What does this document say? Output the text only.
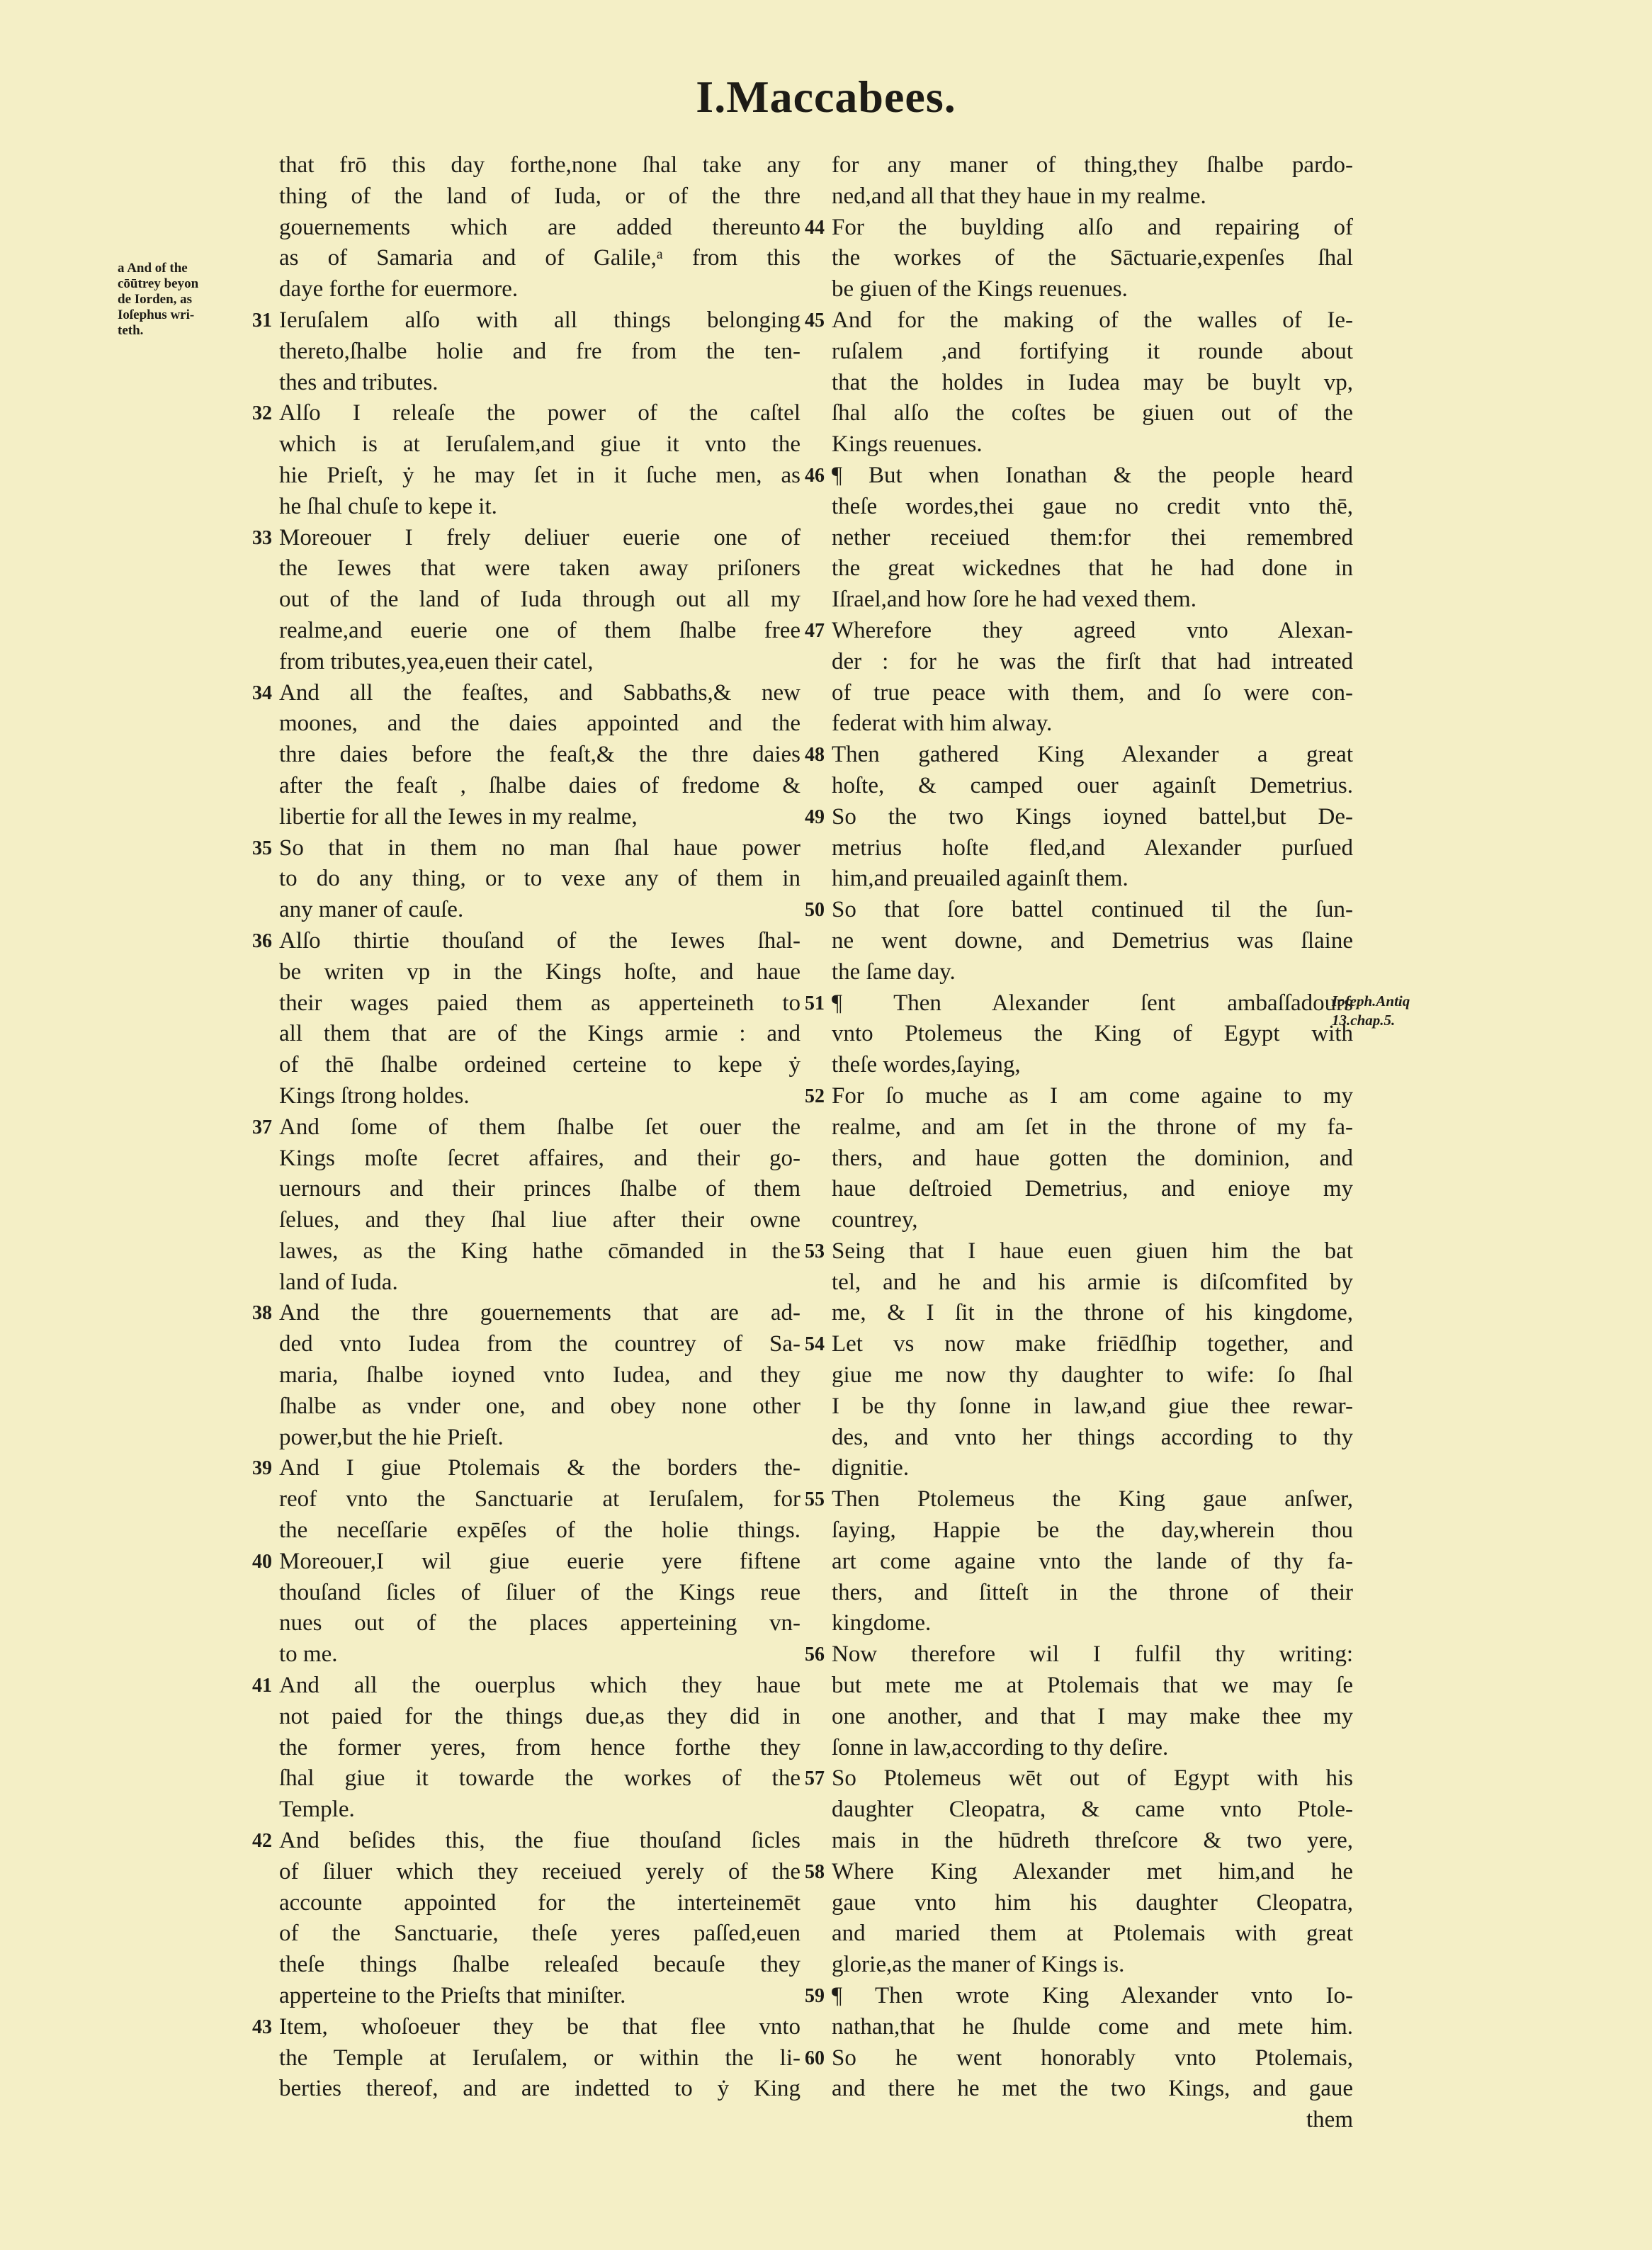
I.Maccabees.
a And of the
cōūtrey beyon
de Iorden, as
Ioſephus wri-
teth.
Ioſeph.Antiq
13.chap.5.
that frō this day forthe,none ſhal take any
thing of the land of Iuda, or of the thre
gouernements which are added thereunto
as of Samaria and of Galile,ᵃ from this
daye forthe for euermore.
31 Ieruſalem alſo with all things belonging
thereto,ſhalbe holie and fre from the ten-
thes and tributes.
32 Alſo I releaſe the power of the caſtel
which is at Ieruſalem,and giue it vnto the
hie Prieſt, ẏ he may ſet in it ſuche men, as
he ſhal chuſe to kepe it.
33 Moreouer I frely deliuer euerie one of
the Iewes that were taken away priſoners
out of the land of Iuda through out all my
realme,and euerie one of them ſhalbe free
from tributes,yea,euen their catel,
34 And all the feaſtes, and Sabbaths,& new
moones, and the daies appointed and the
thre daies before the feaſt,& the thre daies
after the feaſt , ſhalbe daies of fredome &
libertie for all the Iewes in my realme,
35 So that in them no man ſhal haue power
to do any thing, or to vexe any of them in
any maner of cauſe.
36 Alſo thirtie thouſand of the Iewes ſhal-
be writen vp in the Kings hoſte, and haue
their wages paied them as apperteineth to
all them that are of the Kings armie : and
of thē ſhalbe ordeined certeine to kepe ẏ
Kings ſtrong holdes.
37 And ſome of them ſhalbe ſet ouer the
Kings moſte ſecret affaires, and their go-
uernours and their princes ſhalbe of them
ſelues, and they ſhal liue after their owne
lawes, as the King hathe cōmanded in the
land of Iuda.
38 And the thre gouernements that are ad-
ded vnto Iudea from the countrey of Sa-
maria, ſhalbe ioyned vnto Iudea, and they
ſhalbe as vnder one, and obey none other
power,but the hie Prieſt.
39 And I giue Ptolemais & the borders the-
reof vnto the Sanctuarie at Ieruſalem, for
the neceſſarie expēſes of the holie things.
40 Moreouer,I wil giue euerie yere fiftene
thouſand ſicles of ſiluer of the Kings reue
nues out of the places apperteining vn-
to me.
41 And all the ouerplus which they haue
not paied for the things due,as they did in
the former yeres, from hence forthe they
ſhal giue it towarde the workes of the
Temple.
42 And beſides this, the fiue thouſand ſicles
of ſiluer which they receiued yerely of the
accounte appointed for the interteinemēt
of the Sanctuarie, theſe yeres paſſed,euen
theſe things ſhalbe releaſed becauſe they
apperteine to the Prieſts that miniſter.
43 Item, whoſoeuer they be that flee vnto
the Temple at Ieruſalem, or within the li-
berties thereof, and are indetted to ẏ King
for any maner of thing,they ſhalbe pardo-
ned,and all that they haue in my realme.
44 For the buylding alſo and repairing of
the workes of the Sāctuarie,expenſes ſhal
be giuen of the Kings reuenues.
45 And for the making of the walles of Ie-
ruſalem ,and fortifying it rounde about
that the holdes in Iudea may be buylt vp,
ſhal alſo the coſtes be giuen out of the
Kings reuenues.
46 ¶ But when Ionathan & the people heard
theſe wordes,thei gaue no credit vnto thē,
nether receiued them:for thei remembred
the great wickednes that he had done in
Iſrael,and how ſore he had vexed them.
47 Wherefore they agreed vnto Alexan-
der : for he was the firſt that had intreated
of true peace with them, and ſo were con-
federat with him alway.
48 Then gathered King Alexander a great
hoſte, & camped ouer againſt Demetrius.
49 So the two Kings ioyned battel,but De-
metrius hoſte fled,and Alexander purſued
him,and preuailed againſt them.
50 So that ſore battel continued til the ſun-
ne went downe, and Demetrius was ſlaine
the ſame day.
51 ¶ Then Alexander ſent ambaſſadours
vnto Ptolemeus the King of Egypt with
theſe wordes,ſaying,
52 For ſo muche as I am come againe to my
realme, and am ſet in the throne of my fa-
thers, and haue gotten the dominion, and
haue deſtroied Demetrius, and enioye my
countrey,
53 Seing that I haue euen giuen him the bat
tel, and he and his armie is diſcomfited by
me, & I ſit in the throne of his kingdome,
54 Let vs now make friēdſhip together, and
giue me now thy daughter to wife: ſo ſhal
I be thy ſonne in law,and giue thee rewar-
des, and vnto her things according to thy
dignitie.
55 Then Ptolemeus the King gaue anſwer,
ſaying, Happie be the day,wherein thou
art come againe vnto the lande of thy fa-
thers, and ſitteſt in the throne of their
kingdome.
56 Now therefore wil I fulfil thy writing:
but mete me at Ptolemais that we may ſe
one another, and that I may make thee my
ſonne in law,according to thy deſire.
57 So Ptolemeus wēt out of Egypt with his
daughter Cleopatra, & came vnto Ptole-
mais in the hūdreth threſcore & two yere,
58 Where King Alexander met him,and he
gaue vnto him his daughter Cleopatra,
and maried them at Ptolemais with great
glorie,as the maner of Kings is.
59 ¶ Then wrote King Alexander vnto Io-
nathan,that he ſhulde come and mete him.
60 So he went honorably vnto Ptolemais,
and there he met the two Kings, and gaue
them
